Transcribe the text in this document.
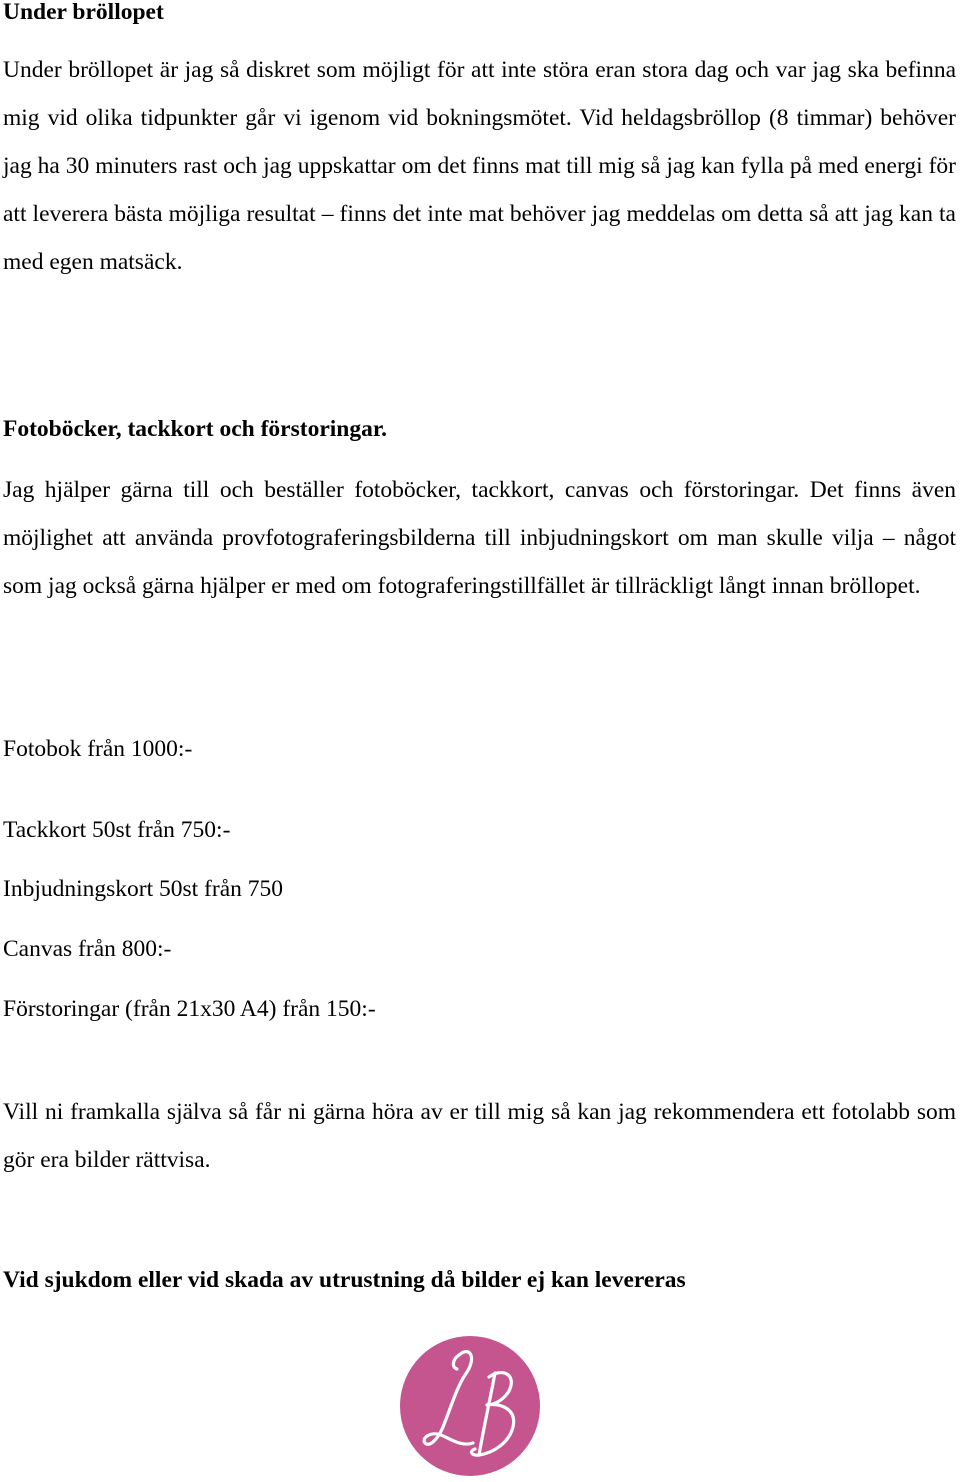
Under bröllopet

Under bröllopet är jag så diskret som möjligt för att inte störa eran stora dag och var jag ska befinna mig vid olika tidpunkter går vi igenom vid bokningsmötet. Vid heldagsbröllop (8 timmar) behöver jag ha 30 minuters rast och jag uppskattar om det finns mat till mig så jag kan fylla på med energi för att leverera bästa möjliga resultat – finns det inte mat behöver jag meddelas om detta så att jag kan ta med egen matsäck.

Fotoböcker, tackkort och förstoringar.

Jag hjälper gärna till och beställer fotoböcker, tackkort, canvas och förstoringar. Det finns även möjlighet att använda provfotograferingsbilderna till inbjudningskort om man skulle vilja – något som jag också gärna hjälper er med om fotograferingstillfället är tillräckligt långt innan bröllopet.

Fotobok från 1000:-

Tackkort 50st från 750:-

Inbjudningskort 50st från 750

Canvas från 800:-

Förstoringar (från 21x30 A4) från 150:-

Vill ni framkalla själva så får ni gärna höra av er till mig så kan jag rekommendera ett fotolabb som gör era bilder rättvisa.

Vid sjukdom eller vid skada av utrustning då bilder ej kan levereras
